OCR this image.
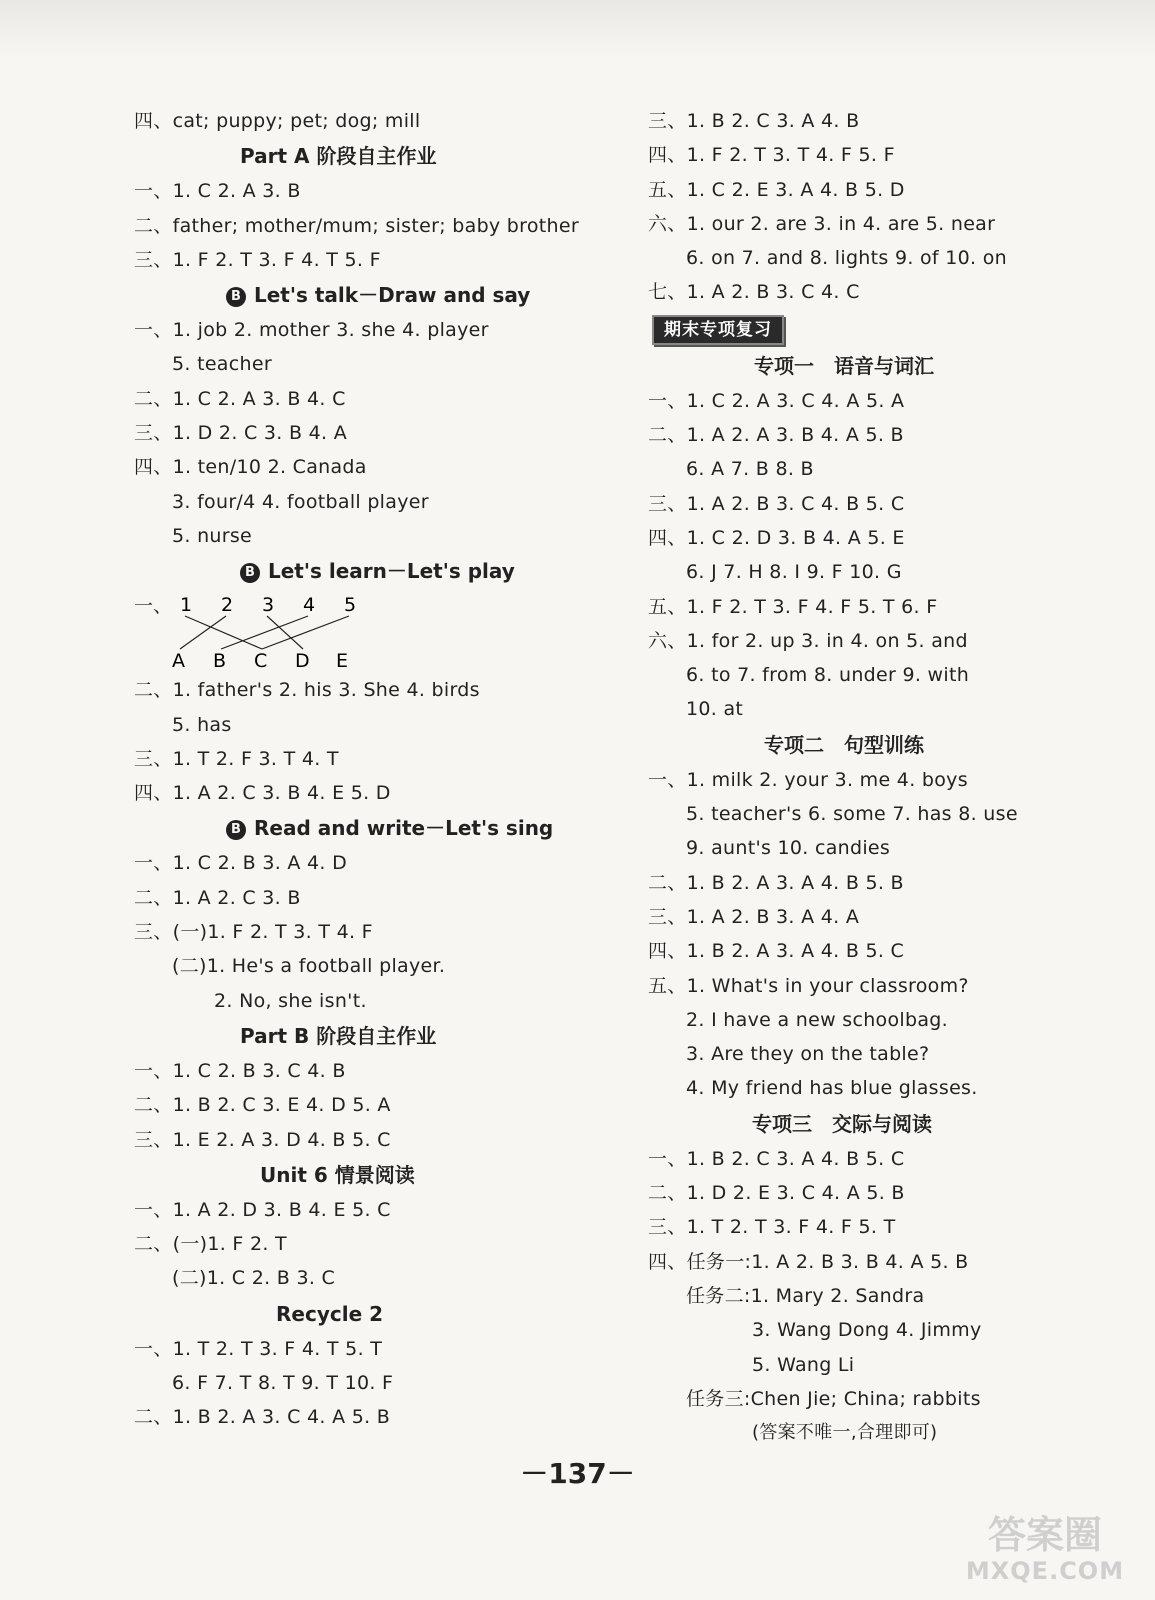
四、cat; puppy; pet; dog; mill
Part A 阶段自主作业
一、1. C 2. A 3. B
二、father; mother/mum; sister; baby brother
三、1. F 2. T 3. F 4. T 5. F
B Let's talk－Draw and say
一、1. job 2. mother 3. she 4. player
5. teacher
二、1. C 2. A 3. B 4. C
三、1. D 2. C 3. B 4. A
四、1. ten/10 2. Canada
3. four/4 4. football player
5. nurse
B Let's learn－Let's play
一、 1 2 3 4 5
A B C D E
二、1. father's 2. his 3. She 4. birds
5. has
三、1. T 2. F 3. T 4. T
四、1. A 2. C 3. B 4. E 5. D
B Read and write－Let's sing
一、1. C 2. B 3. A 4. D
二、1. A 2. C 3. B
三、(一)1. F 2. T 3. T 4. F
(二)1. He's a football player.
2. No, she isn't.
Part B 阶段自主作业
一、1. C 2. B 3. C 4. B
二、1. B 2. C 3. E 4. D 5. A
三、1. E 2. A 3. D 4. B 5. C
Unit 6 情景阅读
一、1. A 2. D 3. B 4. E 5. C
二、(一)1. F 2. T
(二)1. C 2. B 3. C
Recycle 2
一、1. T 2. T 3. F 4. T 5. T
6. F 7. T 8. T 9. T 10. F
二、1. B 2. A 3. C 4. A 5. B
三、1. B 2. C 3. A 4. B
四、1. F 2. T 3. T 4. F 5. F
五、1. C 2. E 3. A 4. B 5. D
六、1. our 2. are 3. in 4. are 5. near
6. on 7. and 8. lights 9. of 10. on
七、1. A 2. B 3. C 4. C
期末专项复习
专项一　语音与词汇
一、1. C 2. A 3. C 4. A 5. A
二、1. A 2. A 3. B 4. A 5. B
6. A 7. B 8. B
三、1. A 2. B 3. C 4. B 5. C
四、1. C 2. D 3. B 4. A 5. E
6. J 7. H 8. I 9. F 10. G
五、1. F 2. T 3. F 4. F 5. T 6. F
六、1. for 2. up 3. in 4. on 5. and
6. to 7. from 8. under 9. with
10. at
专项二　句型训练
一、1. milk 2. your 3. me 4. boys
5. teacher's 6. some 7. has 8. use
9. aunt's 10. candies
二、1. B 2. A 3. A 4. B 5. B
三、1. A 2. B 3. A 4. A
四、1. B 2. A 3. A 4. B 5. C
五、1. What's in your classroom?
2. I have a new schoolbag.
3. Are they on the table?
4. My friend has blue glasses.
专项三　交际与阅读
一、1. B 2. C 3. A 4. B 5. C
二、1. D 2. E 3. C 4. A 5. B
三、1. T 2. T 3. F 4. F 5. T
四、任务一:1. A 2. B 3. B 4. A 5. B
任务二:1. Mary 2. Sandra
3. Wang Dong 4. Jimmy
5. Wang Li
任务三:Chen Jie; China; rabbits
(答案不唯一,合理即可)
－137－
答案圈
MXQE.COM
